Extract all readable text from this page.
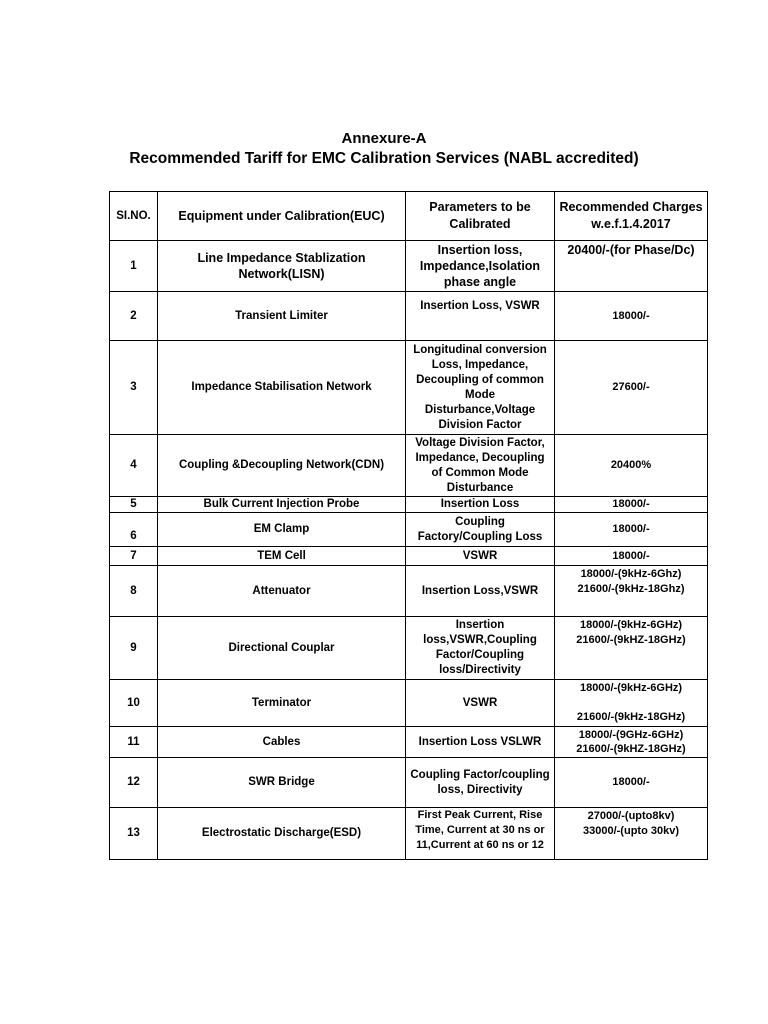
Annexure-A
Recommended Tariff for EMC Calibration Services (NABL accredited)
SI.NO.	Equipment under Calibration(EUC)	Parameters to be Calibrated	Recommended Charges w.e.f.1.4.2017
1	Line Impedance Stablization Network(LISN)	Insertion loss, Impedance,Isolation phase angle	20400/-(for Phase/Dc)
2	Transient Limiter	Insertion Loss, VSWR	18000/-
3	Impedance Stabilisation Network	Longitudinal conversion Loss, Impedance, Decoupling of common Mode Disturbance,Voltage Division Factor	27600/-
4	Coupling &Decoupling Network(CDN)	Voltage Division Factor, Impedance, Decoupling of Common Mode Disturbance	20400%
5	Bulk Current Injection Probe	Insertion Loss	18000/-
6	EM Clamp	Coupling Factory/Coupling Loss	18000/-
7	TEM Cell	VSWR	18000/-
8	Attenuator	Insertion Loss,VSWR	18000/-(9kHz-6Ghz)
21600/-(9kHz-18Ghz)
9	Directional Couplar	Insertion loss,VSWR,Coupling Factor/Coupling loss/Directivity	18000/-(9kHz-6GHz)
21600/-(9kHZ-18GHz)
10	Terminator	VSWR	18000/-(9kHz-6GHz)

21600/-(9kHz-18GHz)
11	Cables	Insertion Loss VSLWR	18000/-(9GHz-6GHz)
21600/-(9kHZ-18GHz)
12	SWR Bridge	Coupling Factor/coupling loss, Directivity	18000/-
13	Electrostatic Discharge(ESD)	First Peak Current, Rise Time, Current at 30 ns or 11,Current at 60 ns or 12	27000/-(upto8kv)
33000/-(upto 30kv)
